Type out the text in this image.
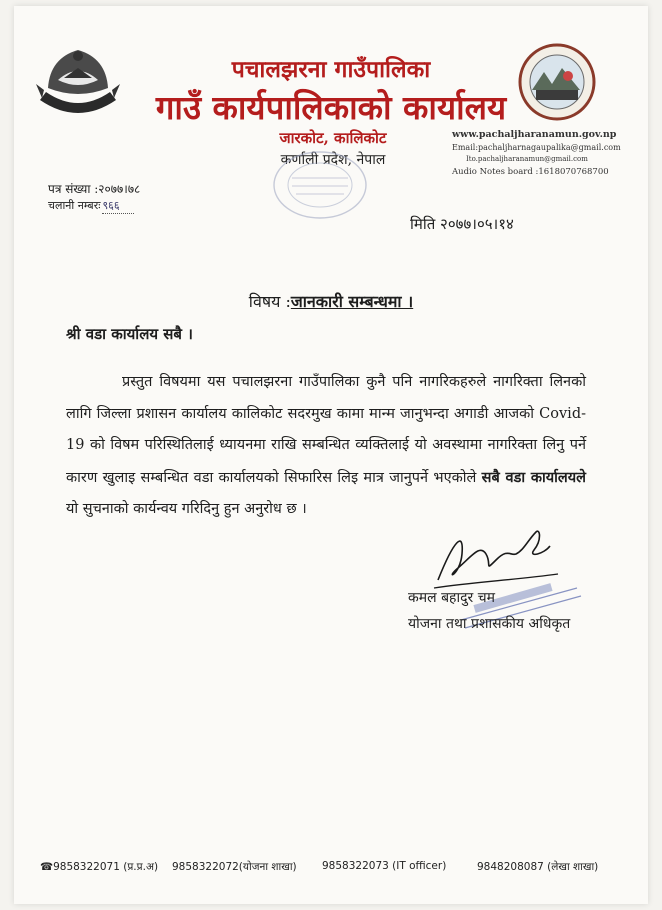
पचालझरना गाउँपालिका
गाउँ कार्यपालिकाको कार्यालय
जारकोट, कालिकोट
कर्णाली प्रदेश, नेपाल
www.pachaljharanamun.gov.np
Email:pachaljharnagaupalika@gmail.com
Ito.pachaljharanamun@gmail.com
Audio Notes board :1618070768700
पत्र संख्या :२०७७।७८
चलानी नम्बरः ९६६
मिति २०७७।०५।१४
विषय :जानकारी सम्बन्धमा ।
श्री वडा कार्यालय सबै ।
प्रस्तुत विषयमा यस पचालझरना गाउँपालिका कुनै पनि नागरिकहरुले नागरिक्ता लिनको लागि जिल्ला प्रशासन कार्यालय कालिकोट सदरमुख कामा मान्म जानुभन्दा अगाडी आजको Covid-19 को विषम परिस्थितिलाई ध्यायनमा राखि सम्बन्धित व्यक्तिलाई यो अवस्थामा नागरिक्ता लिनु पर्ने कारण खुलाइ सम्बन्धित वडा कार्यालयको सिफारिस लिइ मात्र जानुपर्ने भएकोले सबै वडा कार्यालयले यो सुचनाको कार्यन्वय गरिदिनु हुन अनुरोध छ ।
कमल बहादुर चम
योजना तथा प्रशासकीय अधिकृत
☎9858322071 (प्र.प्र.अ) 9858322072(योजना शाखा) 9858322073 (IT officer)	9848208087 (लेखा शाखा)
